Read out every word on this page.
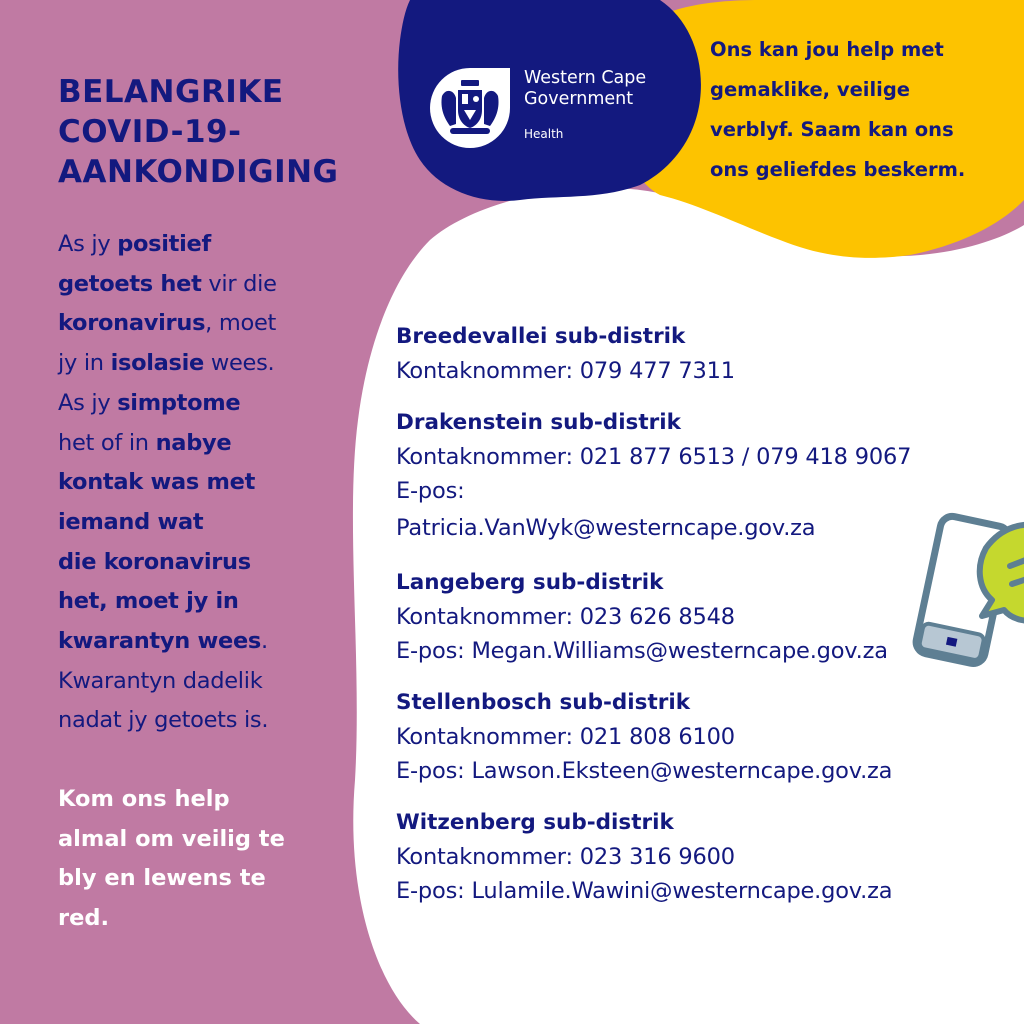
BELANGRIKE
COVID-19-
AANKONDIGING
As jy positief
getoets het vir die
koronavirus, moet
jy in isolasie wees.
As jy simptome
het of in nabye
kontak was met
iemand wat
die koronavirus
het, moet jy in
kwarantyn wees.
Kwarantyn dadelik
nadat jy getoets is.
Kom ons help
almal om veilig te
bly en lewens te
red.
Western Cape
Government
Health
Ons kan jou help met
gemaklike, veilige
verblyf. Saam kan ons
ons geliefdes beskerm.
Breedevallei sub-distrik
Kontaknommer: 079 477 7311
Drakenstein sub-distrik
Kontaknommer: 021 877 6513 / 079 418 9067
E-pos:
Patricia.VanWyk@westerncape.gov.za
Langeberg sub-distrik
Kontaknommer: 023 626 8548
E-pos: Megan.Williams@westerncape.gov.za
Stellenbosch sub-distrik
Kontaknommer: 021 808 6100
E-pos: Lawson.Eksteen@westerncape.gov.za
Witzenberg sub-distrik
Kontaknommer: 023 316 9600
E-pos: Lulamile.Wawini@westerncape.gov.za
